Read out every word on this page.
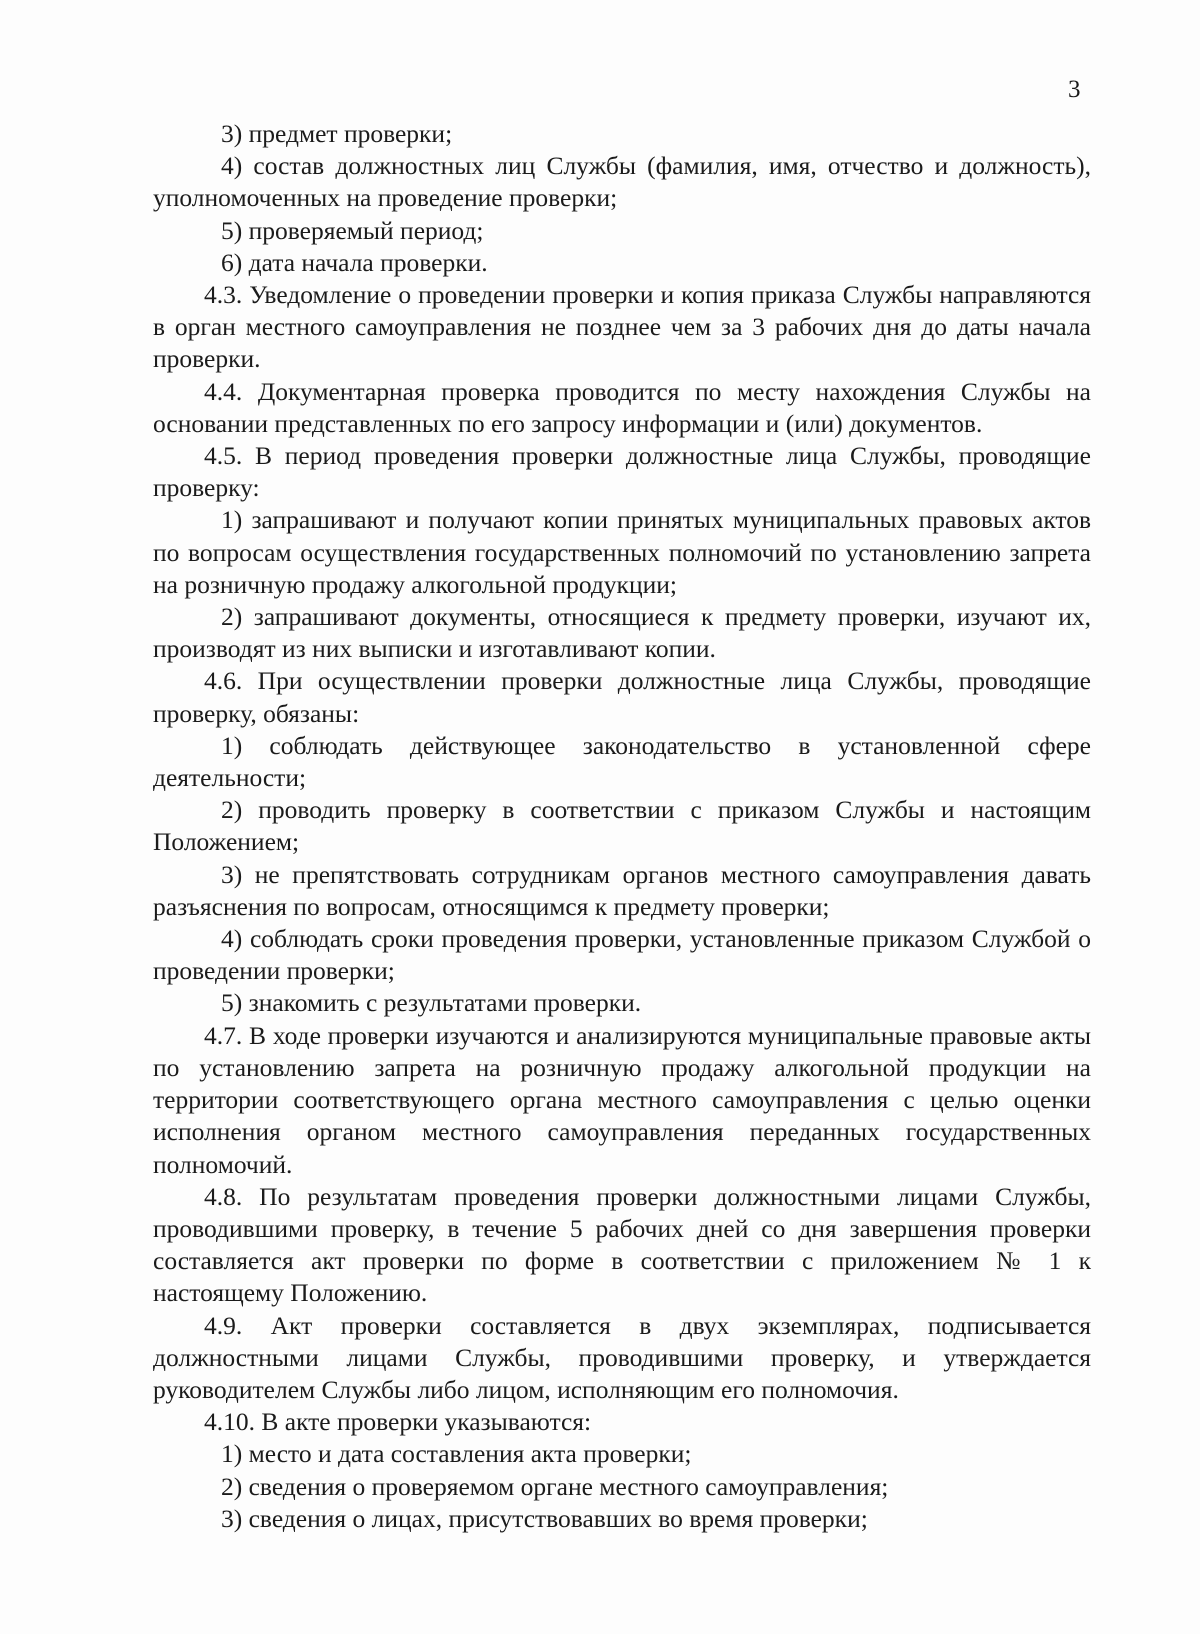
3

3) предмет проверки;

4) состав должностных лиц Службы (фамилия, имя, отчество и должность), уполномоченных на проведение проверки;

5) проверяемый период;

6) дата начала проверки.

4.3. Уведомление о проведении проверки и копия приказа Службы направляются в орган местного самоуправления не позднее чем за 3 рабочих дня до даты начала проверки.

4.4. Документарная проверка проводится по месту нахождения Службы на основании представленных по его запросу информации и (или) документов.

4.5. В период проведения проверки должностные лица Службы, проводящие проверку:

1) запрашивают и получают копии принятых муниципальных правовых актов по вопросам осуществления государственных полномочий по установлению запрета на розничную продажу алкогольной продукции;

2) запрашивают документы, относящиеся к предмету проверки, изучают их, производят из них выписки и изготавливают копии.

4.6. При осуществлении проверки должностные лица Службы, проводящие проверку, обязаны:

1) соблюдать действующее законодательство в установленной сфере деятельности;

2) проводить проверку в соответствии с приказом Службы и настоящим Положением;

3) не препятствовать сотрудникам органов местного самоуправления давать разъяснения по вопросам, относящимся к предмету проверки;

4) соблюдать сроки проведения проверки, установленные приказом Службой о проведении проверки;

5) знакомить с результатами проверки.

4.7. В ходе проверки изучаются и анализируются муниципальные правовые акты по установлению запрета на розничную продажу алкогольной продукции на территории соответствующего органа местного самоуправления с целью оценки исполнения органом местного самоуправления переданных государственных полномочий.

4.8. По результатам проведения проверки должностными лицами Службы, проводившими проверку, в течение 5 рабочих дней со дня завершения проверки составляется акт проверки по форме в соответствии с приложением № 1 к настоящему Положению.

4.9. Акт проверки составляется в двух экземплярах, подписывается должностными лицами Службы, проводившими проверку, и утверждается руководителем Службы либо лицом, исполняющим его полномочия.

4.10. В акте проверки указываются:

1) место и дата составления акта проверки;

2) сведения о проверяемом органе местного самоуправления;

3) сведения о лицах, присутствовавших во время проверки;
